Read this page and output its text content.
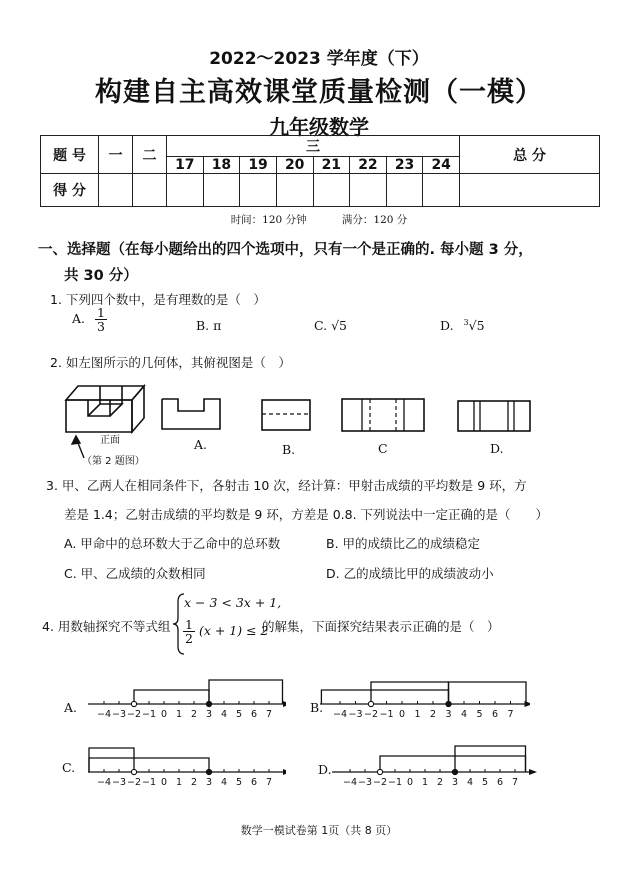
2022～2023 学年度（下）
构建自主高效课堂质量检测（一模）
九年级数学
题 号	一	二	三								总 分
			17	18	19	20	21	22	23	24	
得 分											
时间：120 分钟	满分：120 分
一、选择题（在每小题给出的四个选项中，只有一个是正确的. 每小题 3 分，
共 30 分）
1. 下列四个数中，是有理数的是（　）
A. $\frac{1}{3}$	B. π	C. √5	D. $^3$√5
2. 如左图所示的几何体，其俯视图是（　）
正面
（第 2 题图）
A.	B.	C	D.
3. 甲、乙两人在相同条件下，各射击 10 次，经计算：甲射击成绩的平均数是 9 环，方
差是 1.4；乙射击成绩的平均数是 9 环，方差是 0.8. 下列说法中一定正确的是（　　）
A. 甲命中的总环数大于乙命中的总环数	B. 甲的成绩比乙的成绩稳定
C. 甲、乙成绩的众数相同	D. 乙的成绩比甲的成绩波动小
4. 用数轴探究不等式组
x − 3 < 3x + 1,
$\frac{1}{2} (x + 1) \le 2$
的解集，下面探究结果表示正确的是（　）
A.	B.
C.	D.
−4 −3 −2 −1 0 1 2 3 4 5 6 7	−4 −3 −2 −1 0 1 2 3 4 5 6 7
−4 −3 −2 −1 0 1 2 3 4 5 6 7	−4 −3 −2 −1 0 1 2 3 4 5 6 7
数学一模试卷第 1页（共 8 页）
